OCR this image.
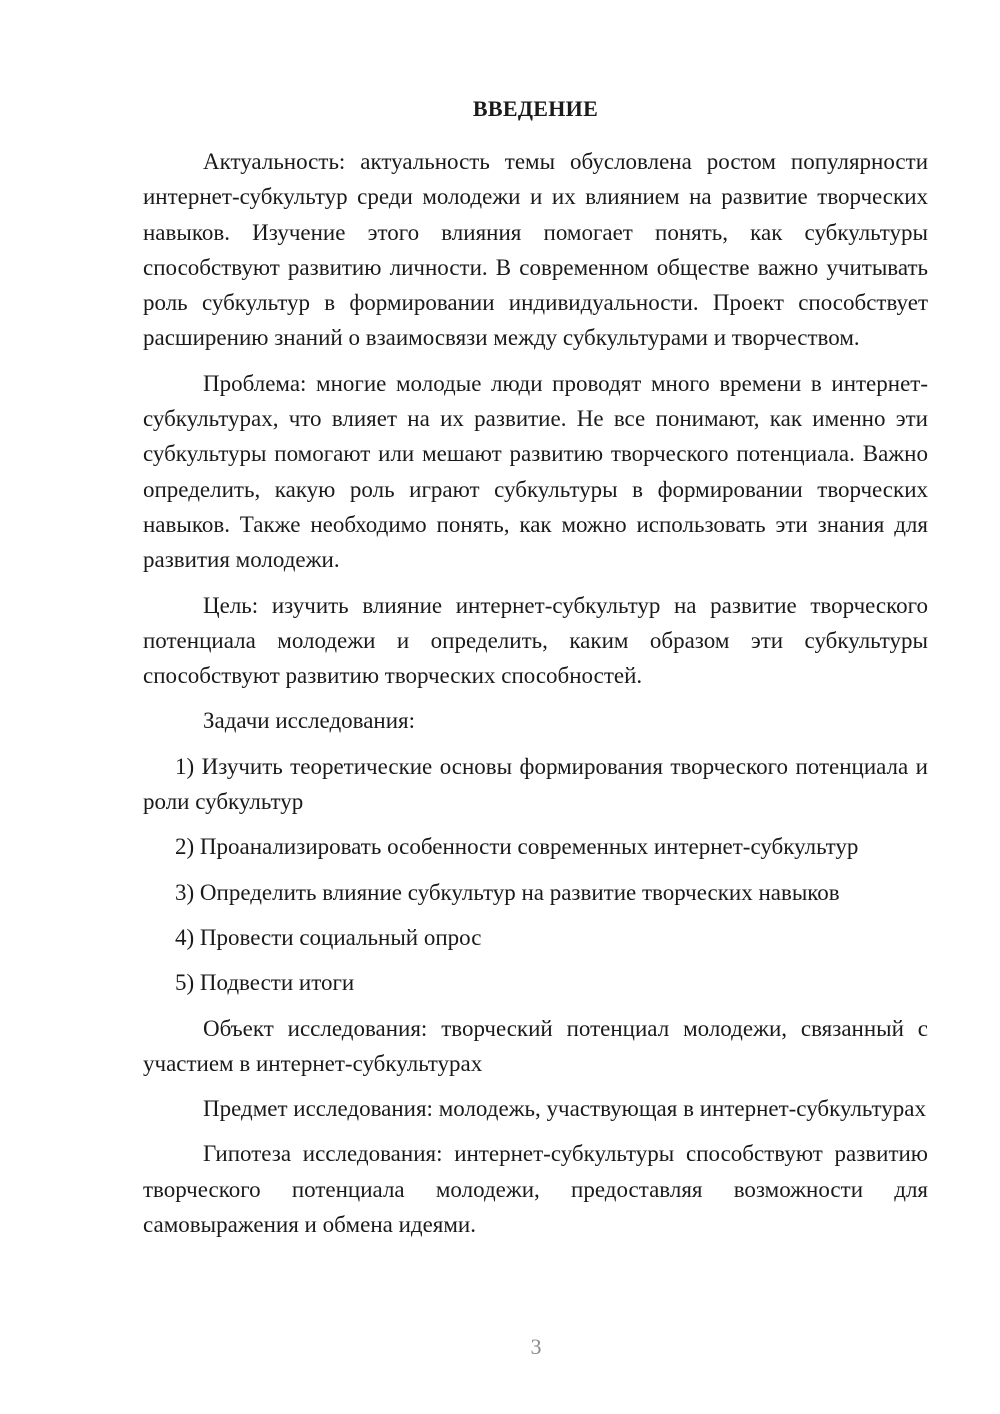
ВВЕДЕНИЕ

Актуальность: актуальность темы обусловлена ростом популярности интернет-субкультур среди молодежи и их влиянием на развитие творческих навыков. Изучение этого влияния помогает понять, как субкультуры способствуют развитию личности. В современном обществе важно учитывать роль субкультур в формировании индивидуальности. Проект способствует расширению знаний о взаимосвязи между субкультурами и творчеством.

Проблема: многие молодые люди проводят много времени в интернет-субкультурах, что влияет на их развитие. Не все понимают, как именно эти субкультуры помогают или мешают развитию творческого потенциала. Важно определить, какую роль играют субкультуры в формировании творческих навыков. Также необходимо понять, как можно использовать эти знания для развития молодежи.

Цель: изучить влияние интернет-субкультур на развитие творческого потенциала молодежи и определить, каким образом эти субкультуры способствуют развитию творческих способностей.

Задачи исследования:

1) Изучить теоретические основы формирования творческого потенциала и роли субкультур

2) Проанализировать особенности современных интернет-субкультур

3) Определить влияние субкультур на развитие творческих навыков

4) Провести социальный опрос

5) Подвести итоги

Объект исследования: творческий потенциал молодежи, связанный с участием в интернет-субкультурах

Предмет исследования: молодежь, участвующая в интернет-субкультурах

Гипотеза исследования: интернет-субкультуры способствуют развитию творческого потенциала молодежи, предоставляя возможности для самовыражения и обмена идеями.

3
